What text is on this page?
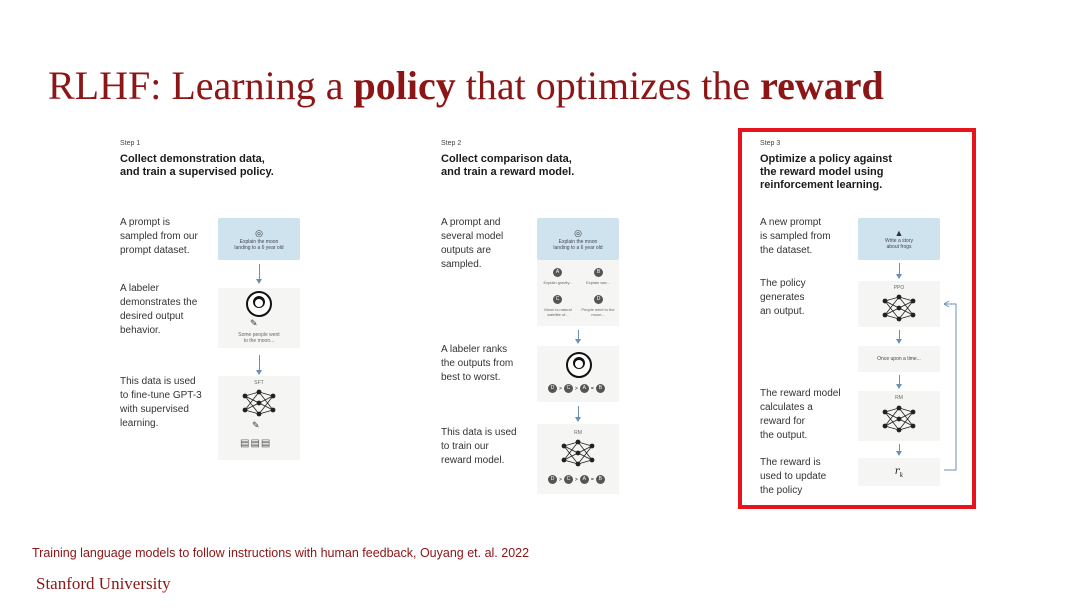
RLHF: Learning a policy that optimizes the reward
Step 1
Collect demonstration data,
and train a supervised policy.
A prompt is
sampled from our
prompt dataset.
A labeler
demonstrates the
desired output
behavior.
This data is used
to fine-tune GPT-3
with supervised
learning.
◎
Explain the moon
landing to a 6 year old
✎
Some people went
to the moon...
SFT
✎
▤▤▤
Step 2
Collect comparison data,
and train a reward model.
A prompt and
several model
outputs are
sampled.
A labeler ranks
the outputs from
best to worst.
This data is used
to train our
reward model.
◎
Explain the moon
landing to a 6 year old
A
Explain gravity...
B
Explain war...
C
Moon is natural satellite of...
D
People went to the moon...
D > C > A = B
RM
D > C > A = B
Step 3
Optimize a policy against
the reward model using
reinforcement learning.
A new prompt
is sampled from
the dataset.
The policy
generates
an output.
The reward model
calculates a
reward for
the output.
The reward is
used to update
the policy
▲
Write a story
about frogs
PPO
Once upon a time...
RM
$r_k$
Training language models to follow instructions with human feedback, Ouyang et. al. 2022
Stanford University
